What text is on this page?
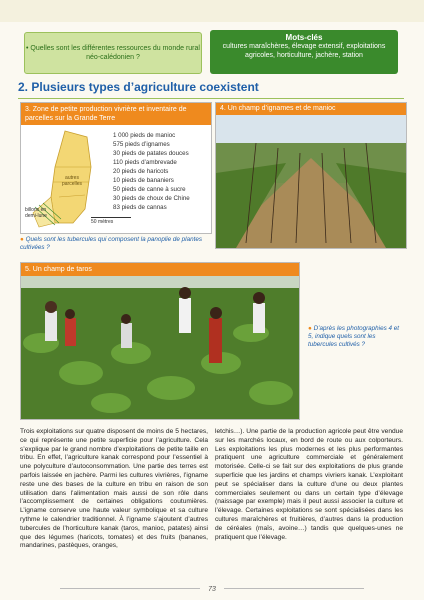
• Quelles sont les différentes ressources du monde rural néo-calédonien ?
Mots-clés
cultures maraîchères, élevage extensif, exploitations agricoles, horticulture, jachère, station
2. Plusieurs types d’agriculture coexistent
3. Zone de petite production vivrière et inventaire de parcelles sur la Grande Terre
autres parcelles
billons en demi-lune
1 000 pieds de manioc
575 pieds d’ignames
30 pieds de patates douces
110 pieds d’ambrevade
20 pieds de haricots
10 pieds de bananiers
50 pieds de canne à sucre
30 pieds de choux de Chine
83 pieds de cannas
50 mètres
4. Un champ d’ignames et de manioc
● Quels sont les tubercules qui composent la panoplie de plantes cultivées ?
5. Un champ de taros
● D’après les photographies 4 et 5, indique quels sont les tubercules cultivés ?
Trois exploitations sur quatre disposent de moins de 5 hectares, ce qui représente une petite superficie pour l’agriculture. Cela s’explique par le grand nombre d’exploitations de petite taille en tribu. En effet, l’agriculture kanak correspond pour l’essentiel à une polyculture d’autoconsommation. Une partie des terres est parfois laissée en jachère. Parmi les cultures vivrières, l’igname reste une des bases de la culture en tribu en raison de son utilisation dans l’alimentation mais aussi de son rôle dans l’accomplissement de certaines obligations coutumières. L’igname conserve une haute valeur symbolique et sa culture rythme le calendrier traditionnel. À l’igname s’ajoutent d’autres tubercules de l’horticulture kanak (taros, manioc, patates) ainsi que des légumes (haricots, tomates) et des fruits (bananes, mandarines, pastèques, oranges,
letchis…). Une partie de la production agricole peut être vendue sur les marchés locaux, en bord de route ou aux colporteurs. Les exploitations les plus modernes et les plus performantes pratiquent une agriculture commerciale et généralement motorisée. Celle-ci se fait sur des exploitations de plus grande superficie que les jardins et champs vivriers kanak. L’exploitant peut se spécialiser dans la culture d’une ou deux plantes commerciales seulement ou dans un certain type d’élevage (naissage par exemple) mais il peut aussi associer la culture et l’élevage. Certaines exploitations se sont spécialisées dans les cultures maraîchères et fruitières, d’autres dans la production de céréales (maïs, avoine…) tandis que quelques-unes ne pratiquent que l’élevage.
73
